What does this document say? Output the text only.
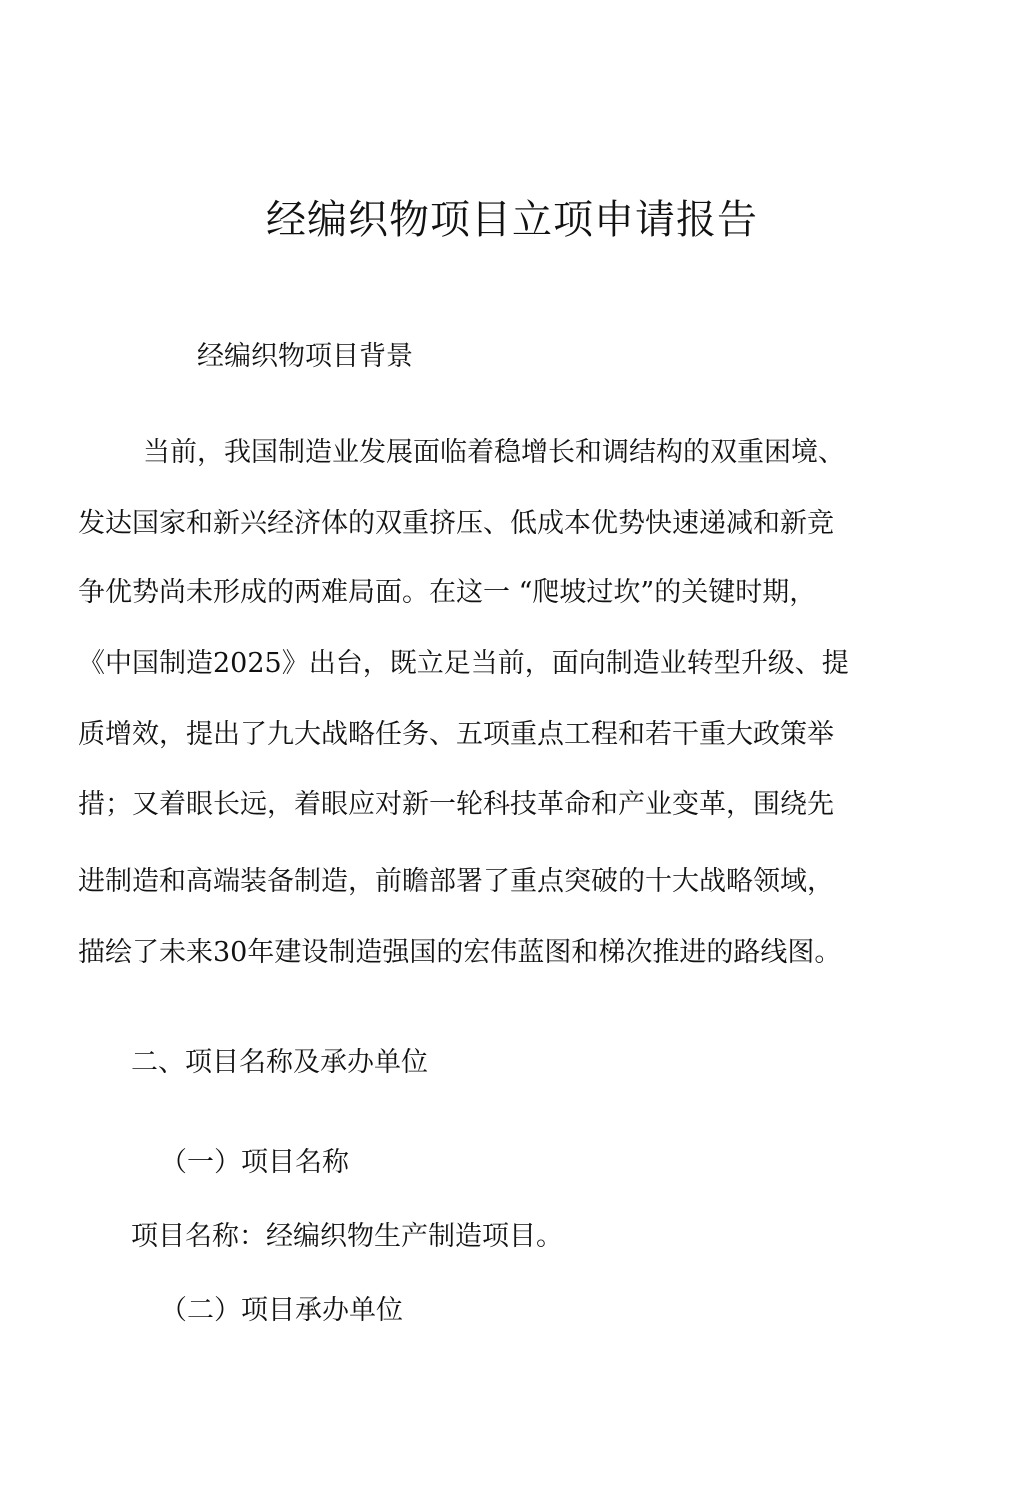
经编织物项目立项申请报告
经编织物项目背景
当前，我国制造业发展面临着稳增长和调结构的双重困境、
发达国家和新兴经济体的双重挤压、低成本优势快速递减和新竞
争优势尚未形成的两难局面。在这一 “爬坡过坎”的关键时期，
《中国制造2025》出台，既立足当前，面向制造业转型升级、提
质增效，提出了九大战略任务、五项重点工程和若干重大政策举
措；又着眼长远，着眼应对新一轮科技革命和产业变革，围绕先
进制造和高端装备制造，前瞻部署了重点突破的十大战略领域，
描绘了未来30年建设制造强国的宏伟蓝图和梯次推进的路线图。
二、项目名称及承办单位
（一）项目名称
项目名称：经编织物生产制造项目。
（二）项目承办单位
